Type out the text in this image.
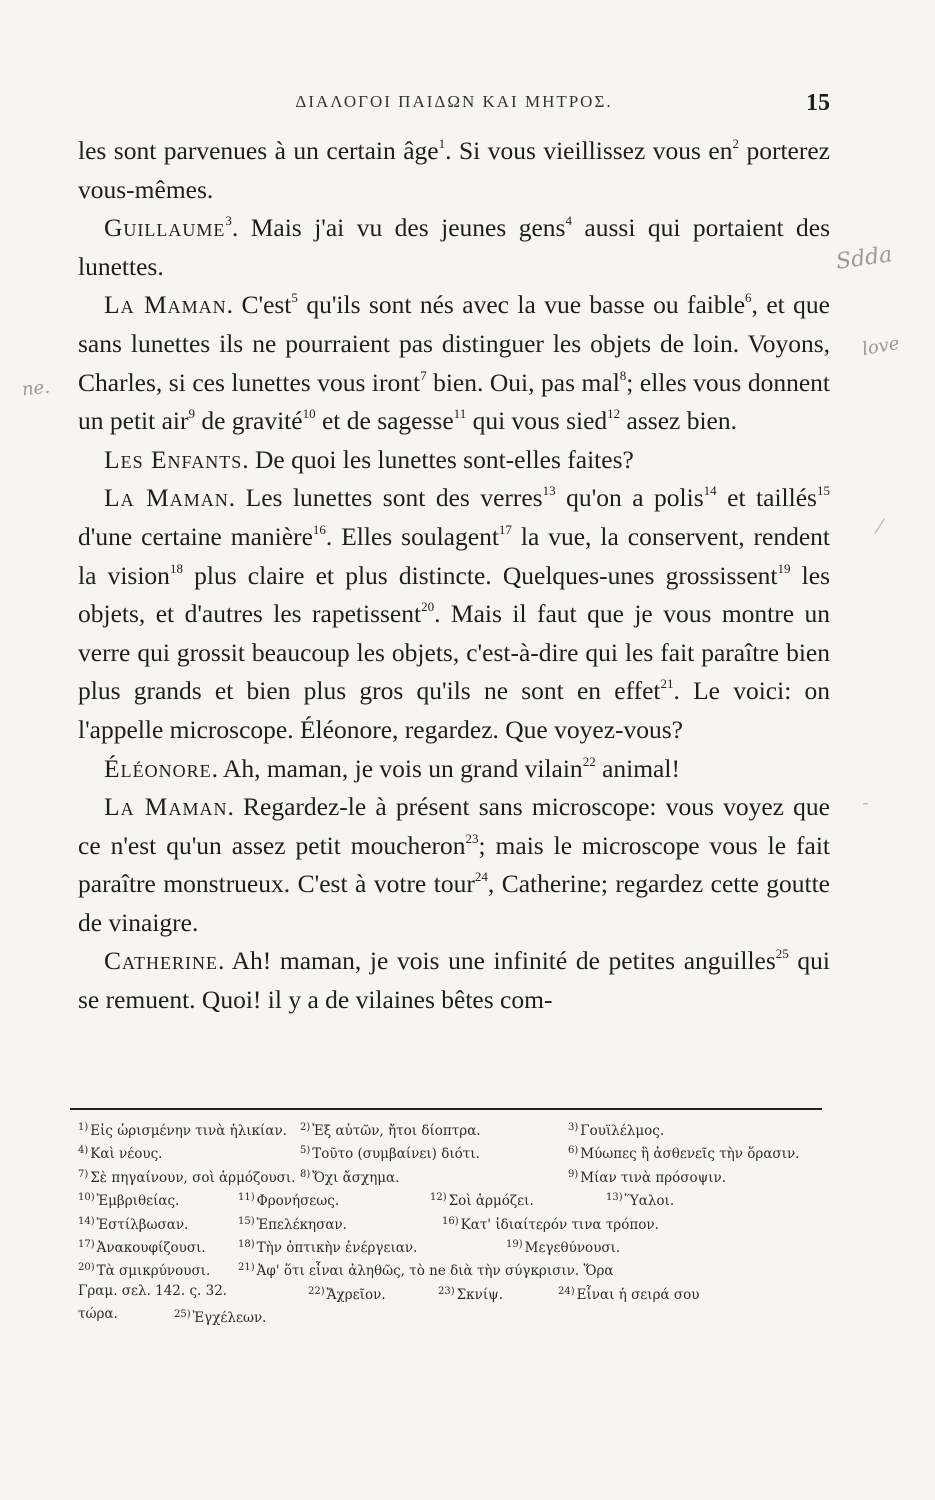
ΔΙΑΛΟΓΟΙ ΠΑΙΔΩΝ ΚΑΙ ΜΗΤΡΟΣ.	15

les sont parvenues à un certain âge$^1$. Si vous vieillissez vous $en^2$ porterez vous-mêmes.

Guillaume$^3$. Mais j'ai vu des jeunes gens$^4$ aussi qui portaient des lunettes.

La Maman. C'est$^5$ qu'ils sont nés avec la vue basse ou faible$^6$, et que sans lunettes ils ne pourraient pas distinguer les objets de loin. Voyons, Charles, si ces lunettes vous iront$^7$ bien. Oui, pas mal$^8$; elles vous donnent un petit air$^9$ de gravité$^{10}$ et de sagesse$^{11}$ qui vous sied$^{12}$ assez bien.

Les Enfants. De quoi les lunettes sont-elles faites?

La Maman. Les lunettes sont des verres$^{13}$ qu'on a polis$^{14}$ et taillés$^{15}$ d'une certaine manière$^{16}$. Elles soulagent$^{17}$ la vue, la conservent, rendent la vision$^{18}$ plus claire et plus distincte. Quelques-unes grossissent$^{19}$ les objets, et d'autres les rapetissent$^{20}$. Mais il faut que je vous montre un verre qui grossit beaucoup les objets, c'est-à-dire qui les fait paraître bien plus grands et bien plus gros qu'ils ne sont en effet$^{21}$. Le voici: on l'appelle microscope. Éléonore, regardez. Que voyez-vous?

Éléonore. Ah, maman, je vois un grand vilain$^{22}$ animal!

La Maman. Regardez-le à présent sans microscope: vous voyez que ce n'est qu'un assez petit moucheron$^{23}$; mais le microscope vous le fait paraître monstrueux. C'est à votre tour$^{24}$, Catherine; regardez cette goutte de vinaigre.

Catherine. Ah! maman, je vois une infinité de petites anguilles$^{25}$ qui se remuent. Quoi! il y a de vilaines bêtes com-

$^{1)}$ Εἰς ὡρισμένην τινὰ ἡλικίαν.	$^{2)}$ Ἐξ αὐτῶν, ἤτοι δίοπτρα.	$^{3)}$ Γουϊλέλμος.
$^{4)}$ Καὶ νέους.	$^{5)}$ Τοῦτο (συμβαίνει) διότι.	$^{6)}$ Μύωπες ἢ ἀσθενεῖς τὴν ὅρασιν.
$^{7)}$ Σὲ πηγαίνουν, σοὶ ἁρμόζουσι. $^{8)}$ Ὄχι ἄσχημα.	$^{9)}$ Μίαν τινὰ πρόσοψιν.
$^{10)}$ Ἐμβριθείας.	$^{11)}$ Φρονήσεως.	$^{12)}$ Σοὶ ἁρμόζει.	$^{13)}$ Ὕαλοι.
$^{14)}$ Ἐστίλβωσαν.	$^{15)}$ Ἐπελέκησαν.	$^{16)}$ Κατ' ἰδιαίτερόν τινα τρόπον.
$^{17)}$ Ἀνακουφίζουσι.	$^{18)}$ Τὴν ὀπτικὴν ἐνέργειαν.	$^{19)}$ Μεγεθύνουσι.
$^{20)}$ Τὰ σμικρύνουσι.	$^{21)}$ Ἀφ' ὅτι εἶναι ἀληθῶς, τὸ ne διὰ τὴν σύγκρισιν. Ὅρα
Γραμ. σελ. 142. ς. 32.	$^{22)}$ Ἄχρεῖον.	$^{23)}$ Σκνίψ.	$^{24)}$ Εἶναι ἡ σειρά σου
τώρα.	$^{25)}$ Ἐγχέλεων.
Sdda
ne.
love
⁄
-
